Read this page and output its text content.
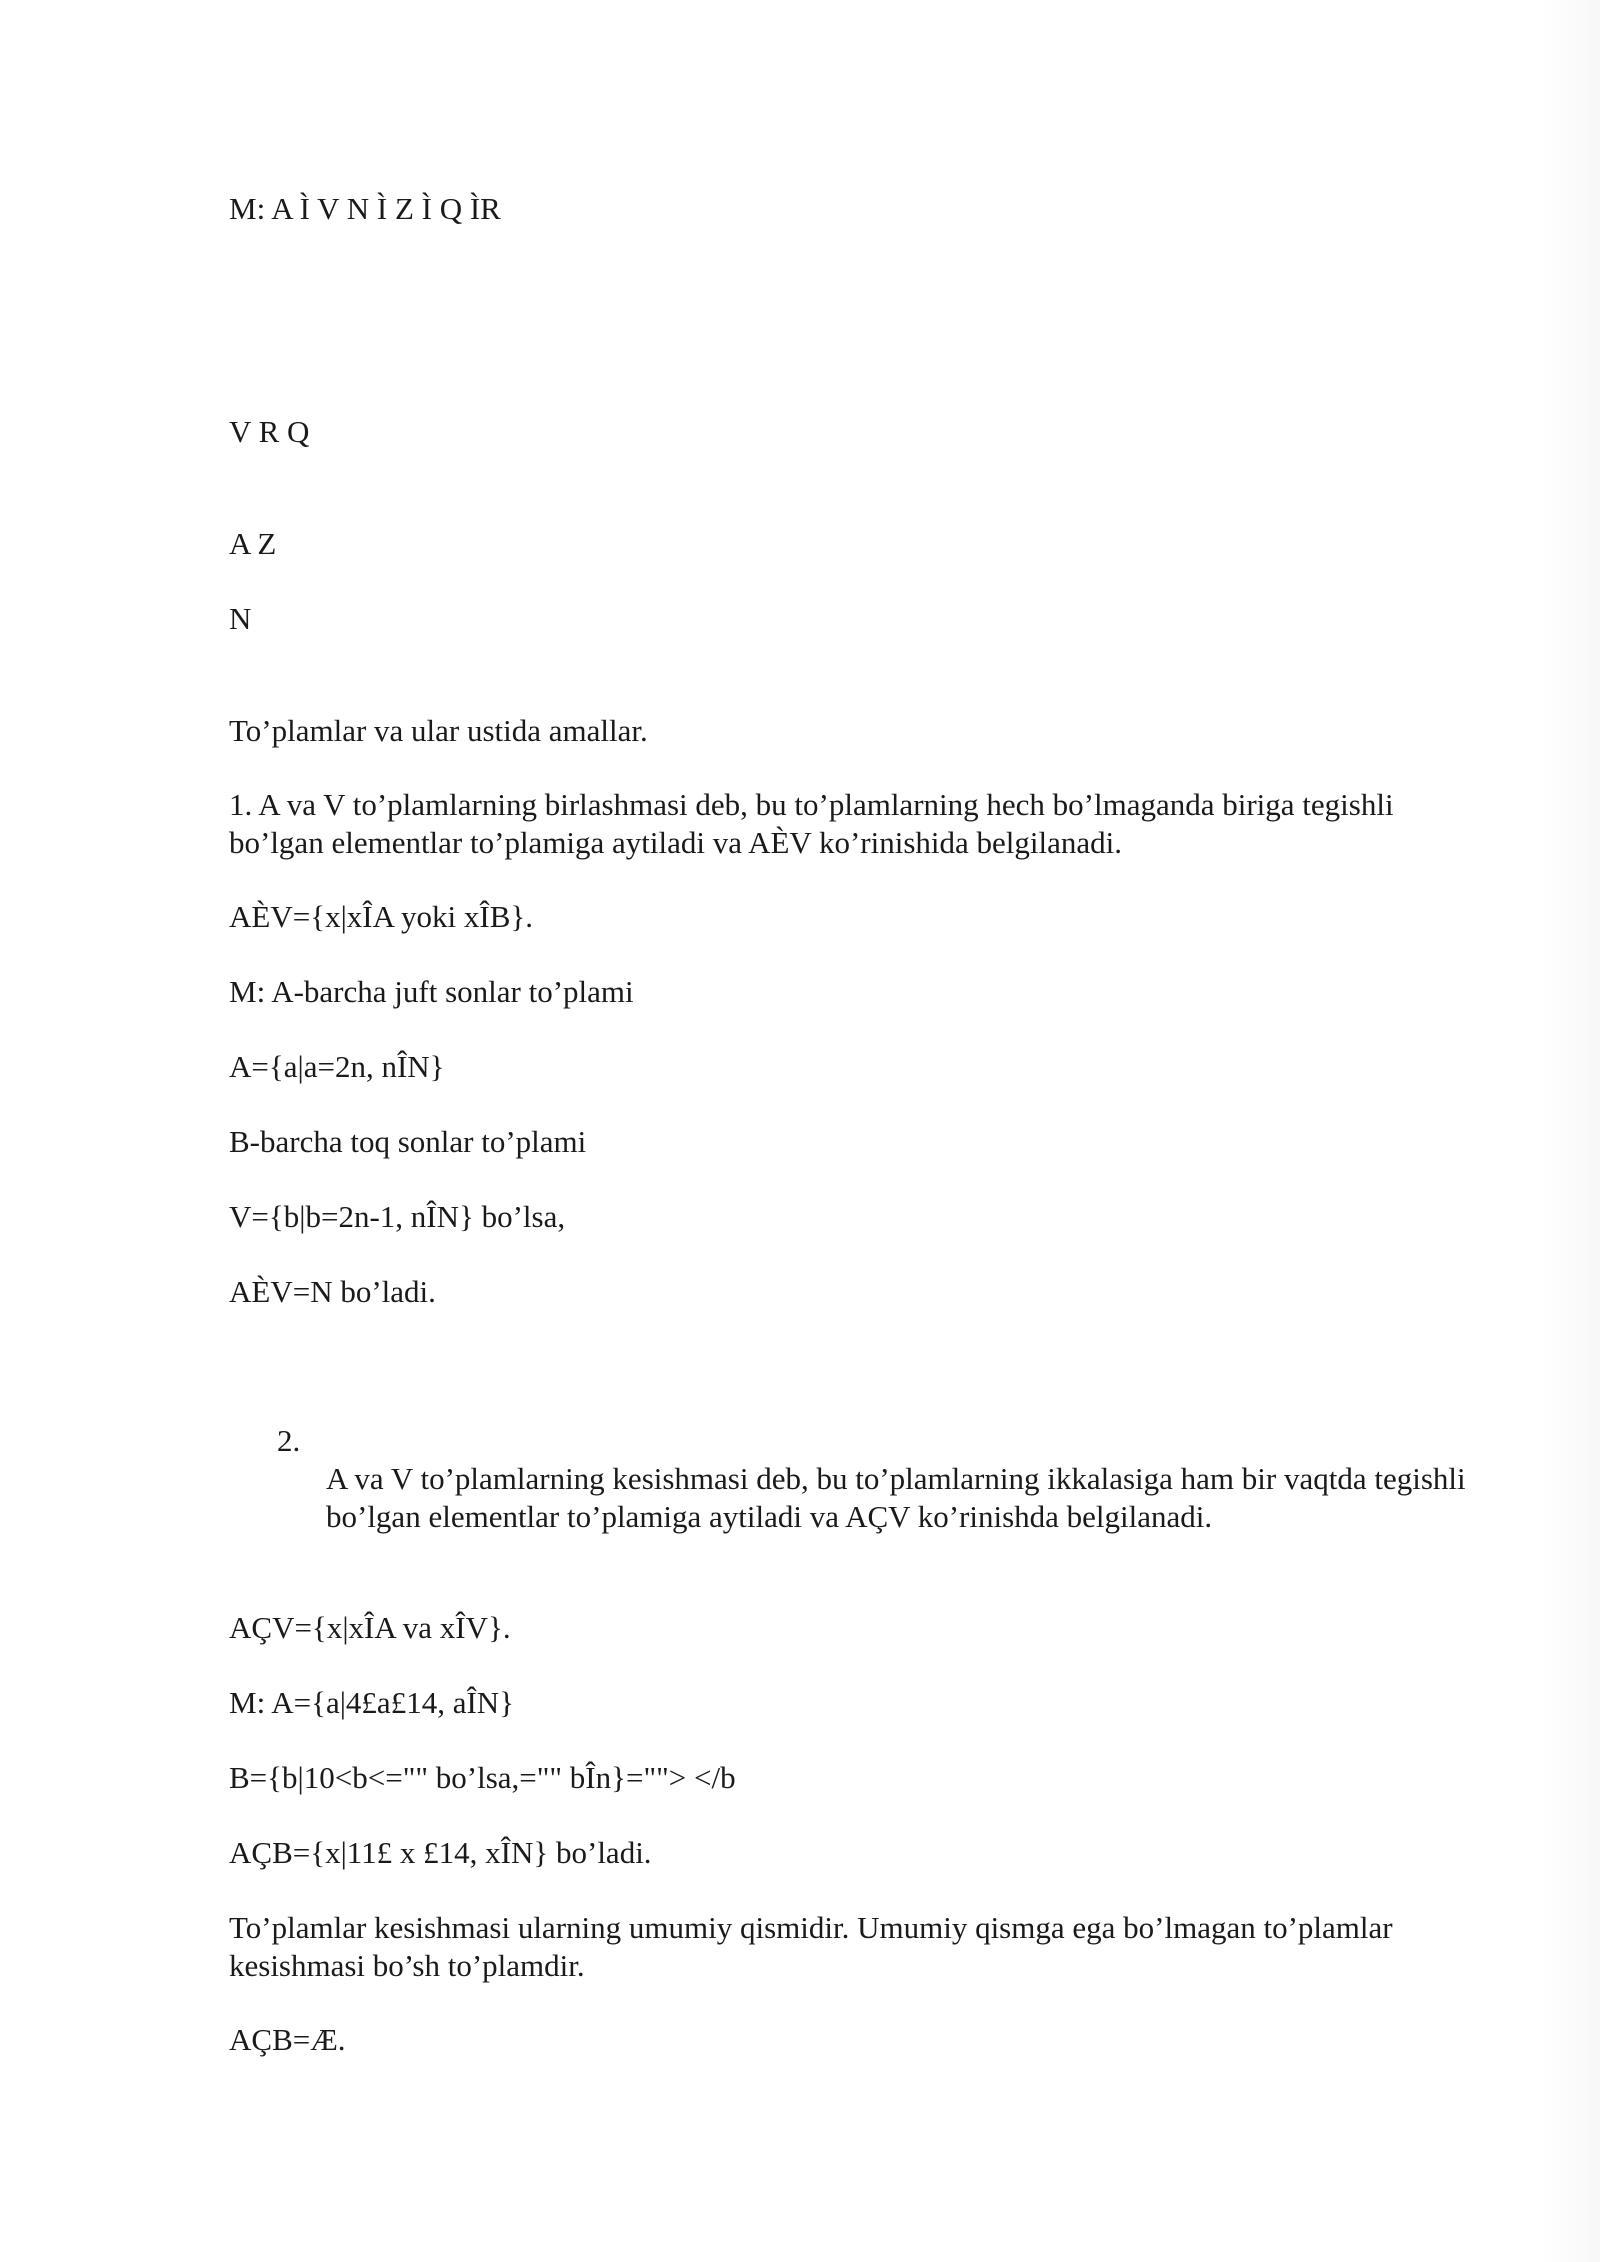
M: A Ì V N Ì Z Ì Q ÌR
V R Q
A Z
N
To’plamlar va ular ustida amallar.
1. A va V to’plamlarning birlashmasi deb, bu to’plamlarning hech bo’lmaganda biriga tegishli bo’lgan elementlar to’plamiga aytiladi va AÈV ko’rinishida belgilanadi.
AÈV={x|xÎA yoki xÎB}.
M: A-barcha juft sonlar to’plami
A={a|a=2n, nÎN}
B-barcha toq sonlar to’plami
V={b|b=2n-1, nÎN} bo’lsa,
AÈV=N bo’ladi.
2.
A va V to’plamlarning kesishmasi deb, bu to’plamlarning ikkalasiga ham bir vaqtda tegishli bo’lgan elementlar to’plamiga aytiladi va AÇV ko’rinishda belgilanadi.
AÇV={x|xÎA va xÎV}.
M: A={a|4£a£14, aÎN}
B={b|10<b<="" bo’lsa,="" bÎn}=""> </b
AÇB={x|11£ x £14, xÎN} bo’ladi.
To’plamlar kesishmasi ularning umumiy qismidir. Umumiy qismga ega bo’lmagan to’plamlar kesishmasi bo’sh to’plamdir.
AÇB=Æ.
